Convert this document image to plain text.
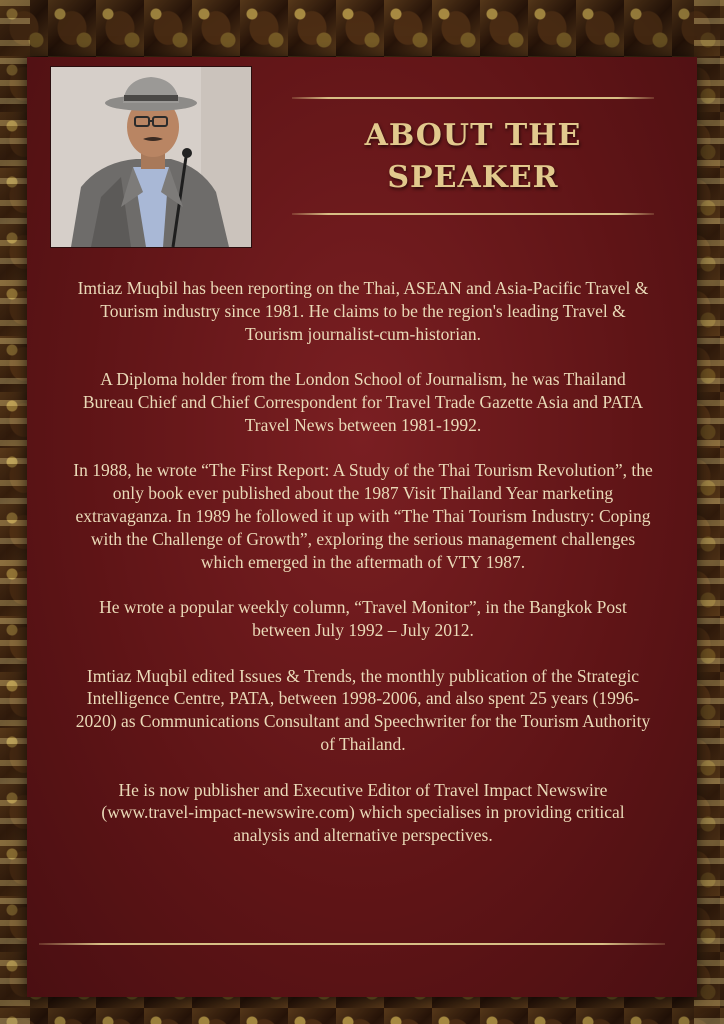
ABOUT THE
SPEAKER

Imtiaz Muqbil has been reporting on the Thai, ASEAN and Asia-Pacific Travel & Tourism industry since 1981. He claims to be the region's leading Travel & Tourism journalist-cum-historian.

A Diploma holder from the London School of Journalism, he was Thailand Bureau Chief and Chief Correspondent for Travel Trade Gazette Asia and PATA Travel News between 1981-1992.

In 1988, he wrote “The First Report: A Study of the Thai Tourism Revolution”, the only book ever published about the 1987 Visit Thailand Year marketing extravaganza. In 1989 he followed it up with “The Thai Tourism Industry: Coping with the Challenge of Growth”, exploring the serious management challenges which emerged in the aftermath of VTY 1987.

He wrote a popular weekly column, “Travel Monitor”, in the Bangkok Post between July 1992 – July 2012.

Imtiaz Muqbil edited Issues & Trends, the monthly publication of the Strategic Intelligence Centre, PATA, between 1998-2006, and also spent 25 years (1996-2020) as Communications Consultant and Speechwriter for the Tourism Authority of Thailand.

He is now publisher and Executive Editor of Travel Impact Newswire (www.travel-impact-newswire.com) which specialises in providing critical analysis and alternative perspectives.
